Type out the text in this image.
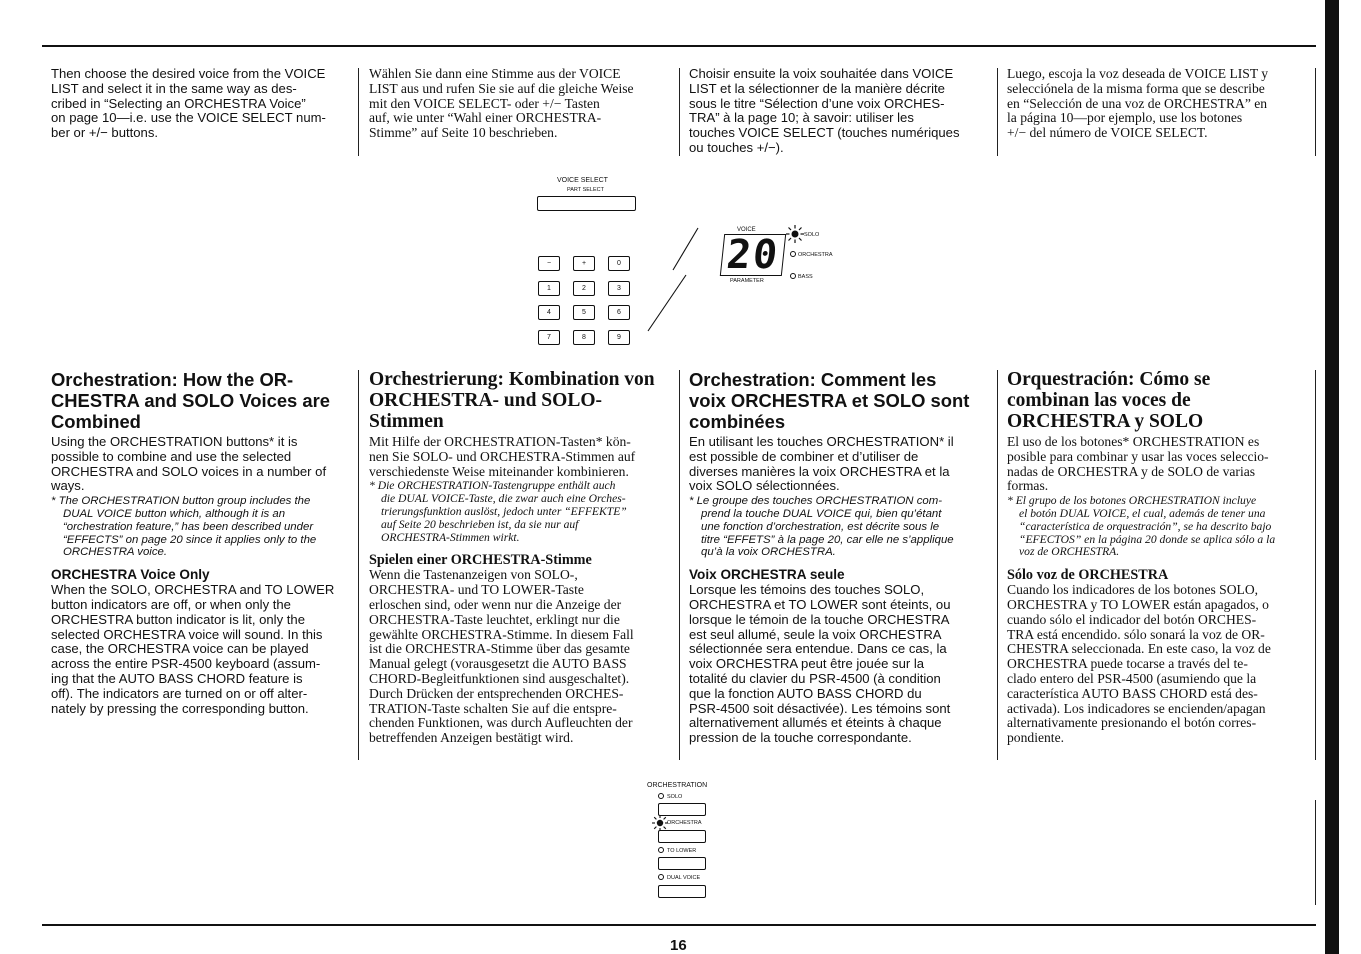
Then choose the desired voice from the VOICE
LIST and select it in the same way as des-
cribed in “Selecting an ORCHESTRA Voice”
on page 10—i.e. use the VOICE SELECT num-
ber or +/− buttons.
Wählen Sie dann eine Stimme aus der VOICE
LIST aus und rufen Sie sie auf die gleiche Weise
mit den VOICE SELECT- oder +/− Tasten
auf, wie unter “Wahl einer ORCHESTRA-
Stimme” auf Seite 10 beschrieben.
Choisir ensuite la voix souhaitée dans VOICE
LIST et la sélectionner de la manière décrite
sous le titre “Sélection d’une voix ORCHES-
TRA” à la page 10; à savoir: utiliser les
touches VOICE SELECT (touches numériques
ou touches +/−).
Luego, escoja la voz deseada de VOICE LIST y
selecciónela de la misma forma que se describe
en “Selección de una voz de ORCHESTRA” en
la página 10—por ejemplo, use los botones
+/− del número de VOICE SELECT.
VOICE SELECT
PART SELECT
−	+	0
1	2	3
4	5	6
7	8	9
VOICE
20
PARAMETER
SOLO
ORCHESTRA
BASS
Orchestration: How the OR-
CHESTRA and SOLO Voices are
Combined
Using the ORCHESTRATION buttons* it is
possible to combine and use the selected
ORCHESTRA and SOLO voices in a number of
ways.
* The ORCHESTRATION button group includes the
DUAL VOICE button which, although it is an
“orchestration feature,” has been described under
“EFFECTS” on page 20 since it applies only to the
ORCHESTRA voice.
ORCHESTRA Voice Only
When the SOLO, ORCHESTRA and TO LOWER
button indicators are off, or when only the
ORCHESTRA button indicator is lit, only the
selected ORCHESTRA voice will sound. In this
case, the ORCHESTRA voice can be played
across the entire PSR-4500 keyboard (assum-
ing that the AUTO BASS CHORD feature is
off). The indicators are turned on or off alter-
nately by pressing the corresponding button.
Orchestrierung: Kombination von
ORCHESTRA- und SOLO-
Stimmen
Mit Hilfe der ORCHESTRATION-Tasten* kön-
nen Sie SOLO- und ORCHESTRA-Stimmen auf
verschiedenste Weise miteinander kombinieren.
* Die ORCHESTRATION-Tastengruppe enthält auch
die DUAL VOICE-Taste, die zwar auch eine Orches-
trierungsfunktion auslöst, jedoch unter “EFFEKTE”
auf Seite 20 beschrieben ist, da sie nur auf
ORCHESTRA-Stimmen wirkt.
Spielen einer ORCHESTRA-Stimme
Wenn die Tastenanzeigen von SOLO-,
ORCHESTRA- und TO LOWER-Taste
erloschen sind, oder wenn nur die Anzeige der
ORCHESTRA-Taste leuchtet, erklingt nur die
gewählte ORCHESTRA-Stimme. In diesem Fall
ist die ORCHESTRA-Stimme über das gesamte
Manual gelegt (vorausgesetzt die AUTO BASS
CHORD-Begleitfunktionen sind ausgeschaltet).
Durch Drücken der entsprechenden ORCHES-
TRATION-Taste schalten Sie auf die entspre-
chenden Funktionen, was durch Aufleuchten der
betreffenden Anzeigen bestätigt wird.
Orchestration: Comment les
voix ORCHESTRA et SOLO sont
combinées
En utilisant les touches ORCHESTRATION* il
est possible de combiner et d’utiliser de
diverses manières la voix ORCHESTRA et la
voix SOLO sélectionnées.
* Le groupe des touches ORCHESTRATION com-
prend la touche DUAL VOICE qui, bien qu’étant
une fonction d’orchestration, est décrite sous le
titre “EFFETS” à la page 20, car elle ne s’applique
qu’à la voix ORCHESTRA.
Voix ORCHESTRA seule
Lorsque les témoins des touches SOLO,
ORCHESTRA et TO LOWER sont éteints, ou
lorsque le témoin de la touche ORCHESTRA
est seul allumé, seule la voix ORCHESTRA
sélectionnée sera entendue. Dans ce cas, la
voix ORCHESTRA peut être jouée sur la
totalité du clavier du PSR-4500 (à condition
que la fonction AUTO BASS CHORD du
PSR-4500 soit désactivée). Les témoins sont
alternativement allumés et éteints à chaque
pression de la touche correspondante.
Orquestración: Cómo se
combinan las voces de
ORCHESTRA y SOLO
El uso de los botones* ORCHESTRATION es
posible para combinar y usar las voces seleccio-
nadas de ORCHESTRA y de SOLO de varias
formas.
* El grupo de los botones ORCHESTRATION incluye
el botón DUAL VOICE, el cual, además de tener una
“característica de orquestración”, se ha descrito bajo
“EFECTOS” en la página 20 donde se aplica sólo a la
voz de ORCHESTRA.
Sólo voz de ORCHESTRA
Cuando los indicadores de los botones SOLO,
ORCHESTRA y TO LOWER están apagados, o
cuando sólo el indicador del botón ORCHES-
TRA está encendido. sólo sonará la voz de OR-
CHESTRA seleccionada. En este caso, la voz de
ORCHESTRA puede tocarse a través del te-
clado entero del PSR-4500 (asumiendo que la
característica AUTO BASS CHORD está des-
activada). Los indicadores se encienden/apagan
alternativamente presionando el botón corres-
pondiente.
ORCHESTRATION
SOLO
ORCHESTRA
TO LOWER
DUAL VOICE
16
